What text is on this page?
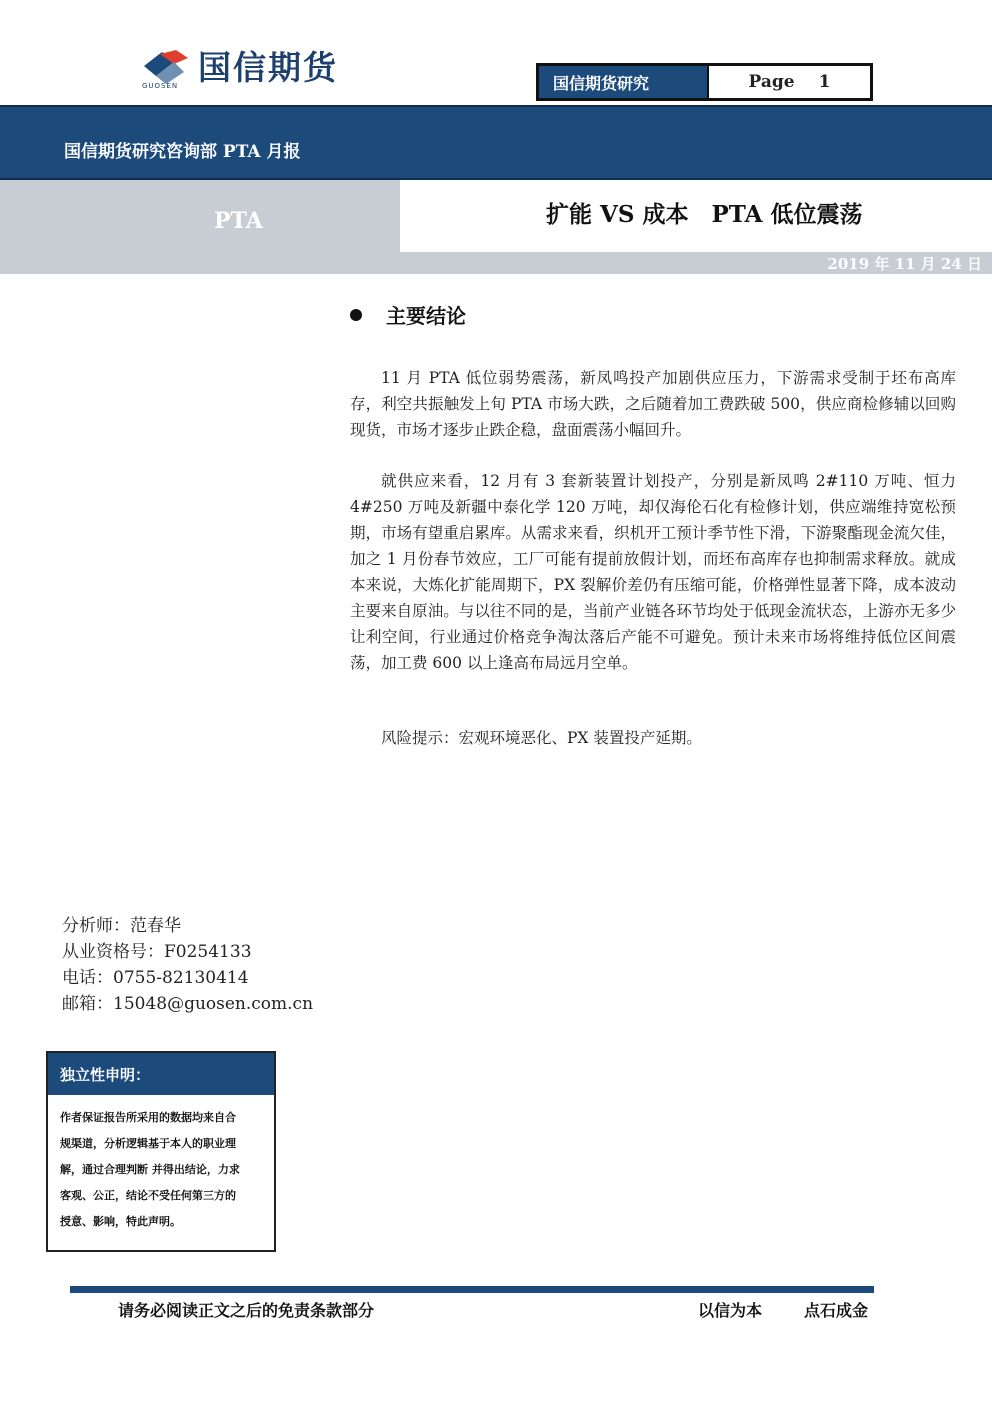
国信期货
GUOSEN	国信期货研究	Page 1
国信期货研究咨询部 PTA 月报
PTA	扩能 VS 成本　PTA 低位震荡
2019 年 11 月 24 日
主要结论

11 月 PTA 低位弱势震荡，新凤鸣投产加剧供应压力，下游需求受制于坯布高库存，利空共振触发上旬 PTA 市场大跌，之后随着加工费跌破 500，供应商检修辅以回购现货，市场才逐步止跌企稳，盘面震荡小幅回升。

就供应来看，12 月有 3 套新装置计划投产，分别是新凤鸣 2#110 万吨、恒力 4#250 万吨及新疆中泰化学 120 万吨，却仅海伦石化有检修计划，供应端维持宽松预期，市场有望重启累库。从需求来看，织机开工预计季节性下滑，下游聚酯现金流欠佳，加之 1 月份春节效应，工厂可能有提前放假计划，而坯布高库存也抑制需求释放。就成本来说，大炼化扩能周期下，PX 裂解价差仍有压缩可能，价格弹性显著下降，成本波动主要来自原油。与以往不同的是，当前产业链各环节均处于低现金流状态，上游亦无多少让利空间，行业通过价格竞争淘汰落后产能不可避免。预计未来市场将维持低位区间震荡，加工费 600 以上逢高布局远月空单。

风险提示：宏观环境恶化、PX 装置投产延期。

分析师：范春华
从业资格号：F0254133
电话：0755-82130414
邮箱：15048@guosen.com.cn
独立性申明：
作者保证报告所采用的数据均来自合
规渠道，分析逻辑基于本人的职业理
解，通过合理判断 并得出结论，力求
客观、公正，结论不受任何第三方的
授意、影响，特此声明。
请务必阅读正文之后的免责条款部分	以信为本	点石成金
